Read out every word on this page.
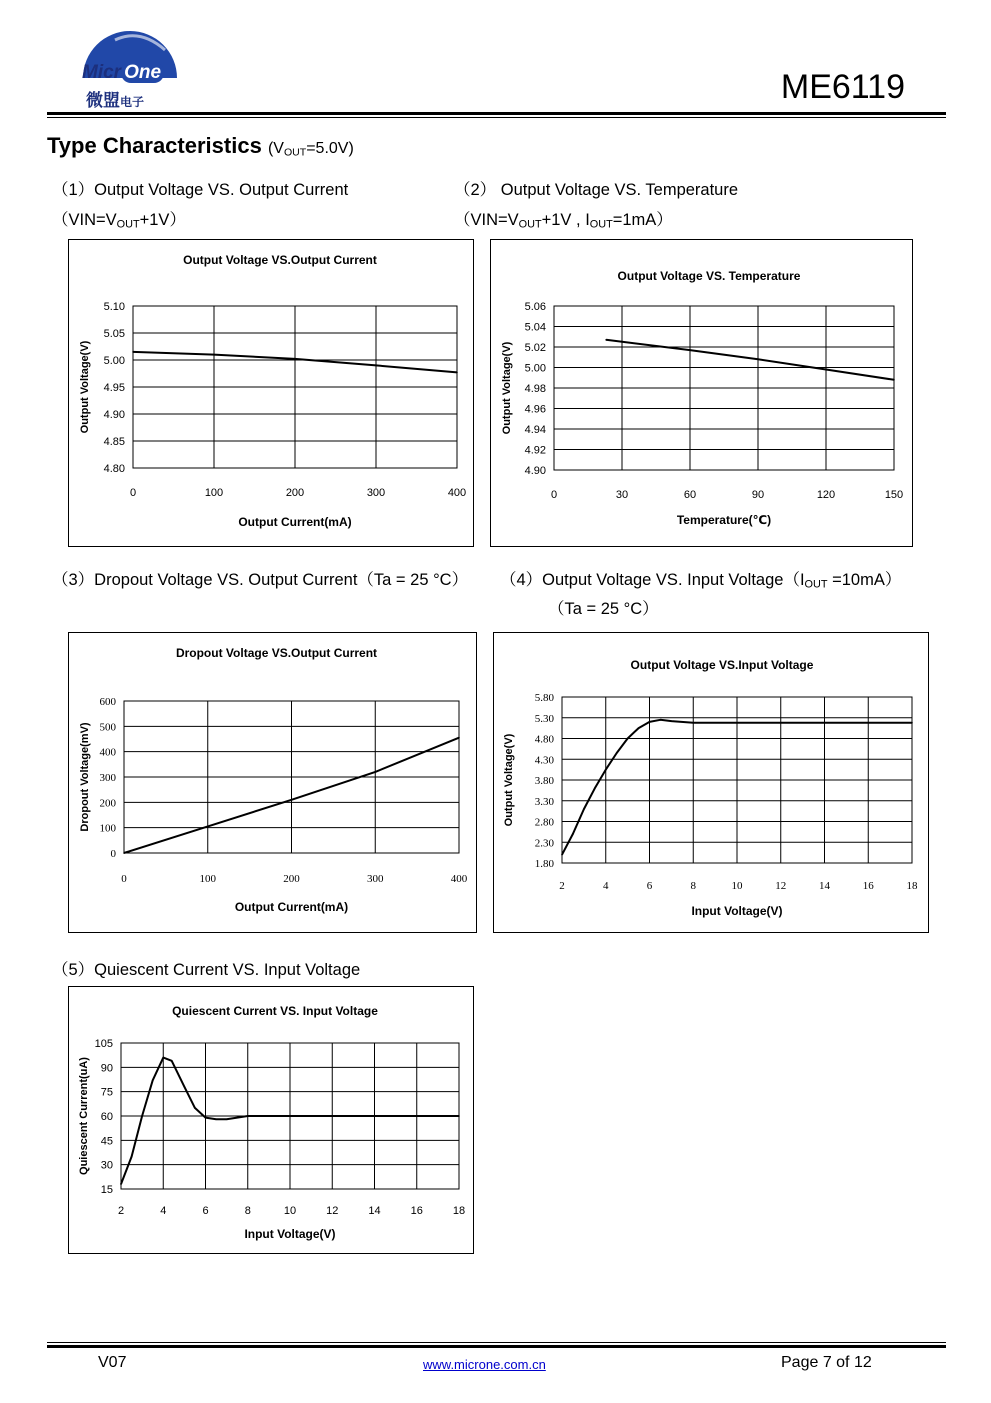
Micr One
微盟电子	ME6119
Type Characteristics $(V_{OUT}=5.0V)$
（1）Output Voltage VS. Output Current
$(VIN=V_{OUT}+1V)$
（2） Output Voltage VS. Temperature
（$VIN=V_{OUT}+1V$ , $I_{OUT}=1mA$）
（3）Dropout Voltage VS. Output Current（Ta = 25 °C） （4）Output Voltage VS. Input $Voltage(I_{OUT} =10mA)$
（Ta = 25 °C）
（5）Quiescent Current VS. Input Voltage
0	100	200	300	400
5.10
5.05
5.00
4.95
4.90
4.85
4.80
Output Voltage VS.Output Current
Output Current(mA)
Output Voltage(V)
0	30	60	90	120	150
5.06
5.04
5.02
5.00
4.98
4.96
4.94
4.92
4.90
Output Voltage VS. Temperature
Temperature(℃)
Output Voltage(V)
0	100	200	300	400
600
500
400
300
200
100
0
Dropout Voltage VS.Output Current
Output Current(mA)
Dropout Voltage(mV)
2	4	6	8	10	12	14	16	18
5.80
5.30
4.80
4.30
3.80
3.30
2.80
2.30
1.80
Output Voltage VS.Input Voltage
Input Voltage(V)
Output Voltage(V)
2	4	6	8	10	12	14	16	18
105
90
75
60
45
30
15
Quiescent Current VS. Input Voltage
Input Voltage(V)
Quiescent Current(uA)
V07	www.microne.com.cn	Page 7 of 12
